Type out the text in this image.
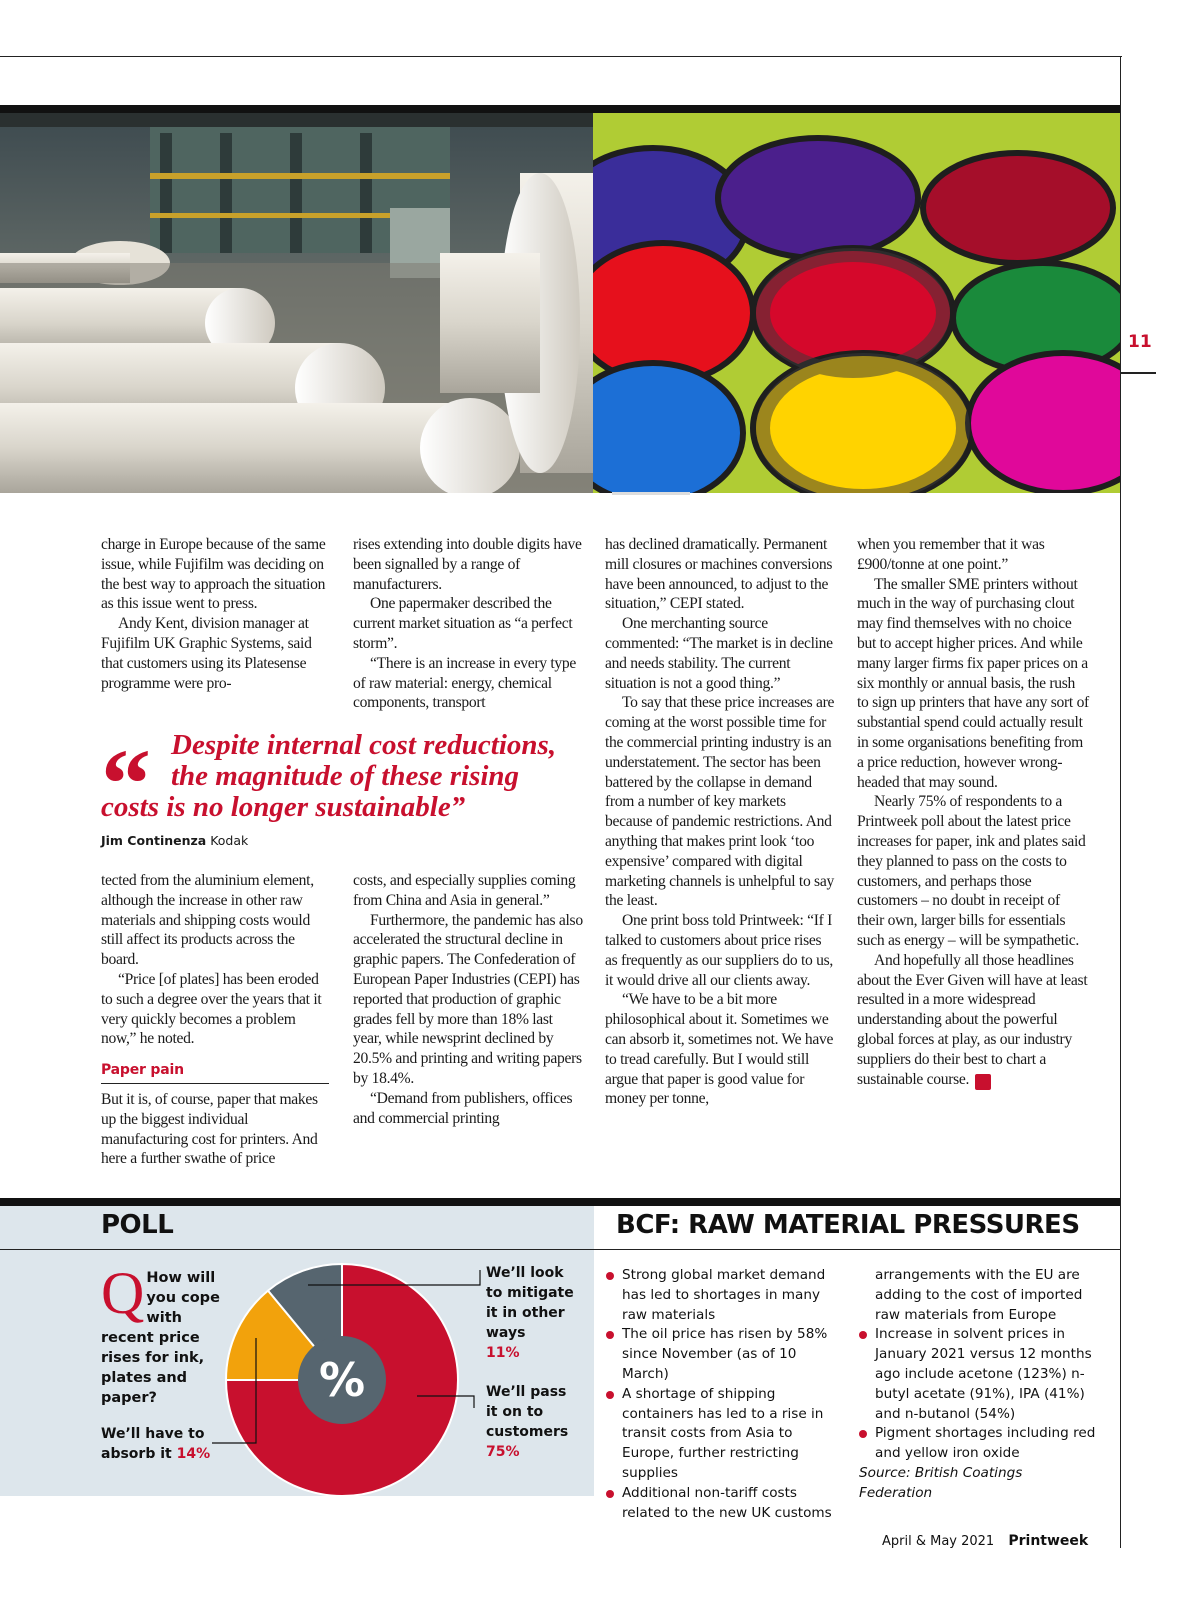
11

charge in Europe because of the same issue, while Fujifilm was deciding on the best way to approach the situation as this issue went to press.

Andy Kent, division manager at Fujifilm UK Graphic Systems, said that customers using its Platesense programme were pro-

rises extending into double digits have been signalled by a range of manufacturers.

One papermaker described the current market situation as “a perfect storm”.

“There is an increase in every type of raw material: energy, chemical components, transport

“ Despite internal cost reductions,
the magnitude of these rising
costs is no longer sustainable”
Jim Continenza Kodak

tected from the aluminium element, although the increase in other raw materials and shipping costs would still affect its products across the board.

“Price [of plates] has been eroded to such a degree over the years that it very quickly becomes a problem now,” he noted.

Paper pain

But it is, of course, paper that makes up the biggest individual manufacturing cost for printers. And here a further swathe of price

costs, and especially supplies coming from China and Asia in general.”

Furthermore, the pandemic has also accelerated the structural decline in graphic papers. The Confederation of European Paper Industries (CEPI) has reported that production of graphic grades fell by more than 18% last year, while newsprint declined by 20.5% and printing and writing papers by 18.4%.

“Demand from publishers, offices and commercial printing

has declined dramatically. Permanent mill closures or machines conversions have been announced, to adjust to the situation,” CEPI stated.

One merchanting source commented: “The market is in decline and needs stability. The current situation is not a good thing.”

To say that these price increases are coming at the worst possible time for the commercial printing industry is an understatement. The sector has been battered by the collapse in demand from a number of key markets because of pandemic restrictions. And anything that makes print look ‘too expensive’ compared with digital marketing channels is unhelpful to say the least.

One print boss told Printweek: “If I talked to customers about price rises as frequently as our suppliers do to us, it would drive all our clients away.

“We have to be a bit more philosophical about it. Sometimes we can absorb it, sometimes not. We have to tread carefully. But I would still argue that paper is good value for money per tonne,

when you remember that it was £900/tonne at one point.”

The smaller SME printers without much in the way of purchasing clout may find themselves with no choice but to accept higher prices. And while many larger firms fix paper prices on a six monthly or annual basis, the rush to sign up printers that have any sort of substantial spend could actually result in some organisations benefiting from a price reduction, however wrong-headed that may sound.

Nearly 75% of respondents to a Printweek poll about the latest price increases for paper, ink and plates said they planned to pass on the costs to customers, and perhaps those customers – no doubt in receipt of their own, larger bills for essentials such as energy – will be sympathetic.

And hopefully all those headlines about the Ever Given will have at least resulted in a more widespread understanding about the powerful global forces at play, as our industry suppliers do their best to chart a sustainable course. P

POLL	BCF: RAW MATERIAL PRESSURES
Q How will you cope with recent price rises for ink, plates and paper?	%
We’ll look to mitigate it in other ways
11%
We’ll pass it on to customers
75%
We’ll have to absorb it 14%
Strong global market demand has led to shortages in many raw materials
The oil price has risen by 58% since November (as of 10 March)
A shortage of shipping containers has led to a rise in transit costs from Asia to Europe, further restricting supplies
Additional non-tariff costs related to the new UK customs
arrangements with the EU are adding to the cost of imported raw materials from Europe
Increase in solvent prices in January 2021 versus 12 months ago include acetone (123%) n-butyl acetate (91%), IPA (41%) and n-butanol (54%)
Pigment shortages including red and yellow iron oxide
Source: British Coatings Federation
April & May 2021 Printweek
